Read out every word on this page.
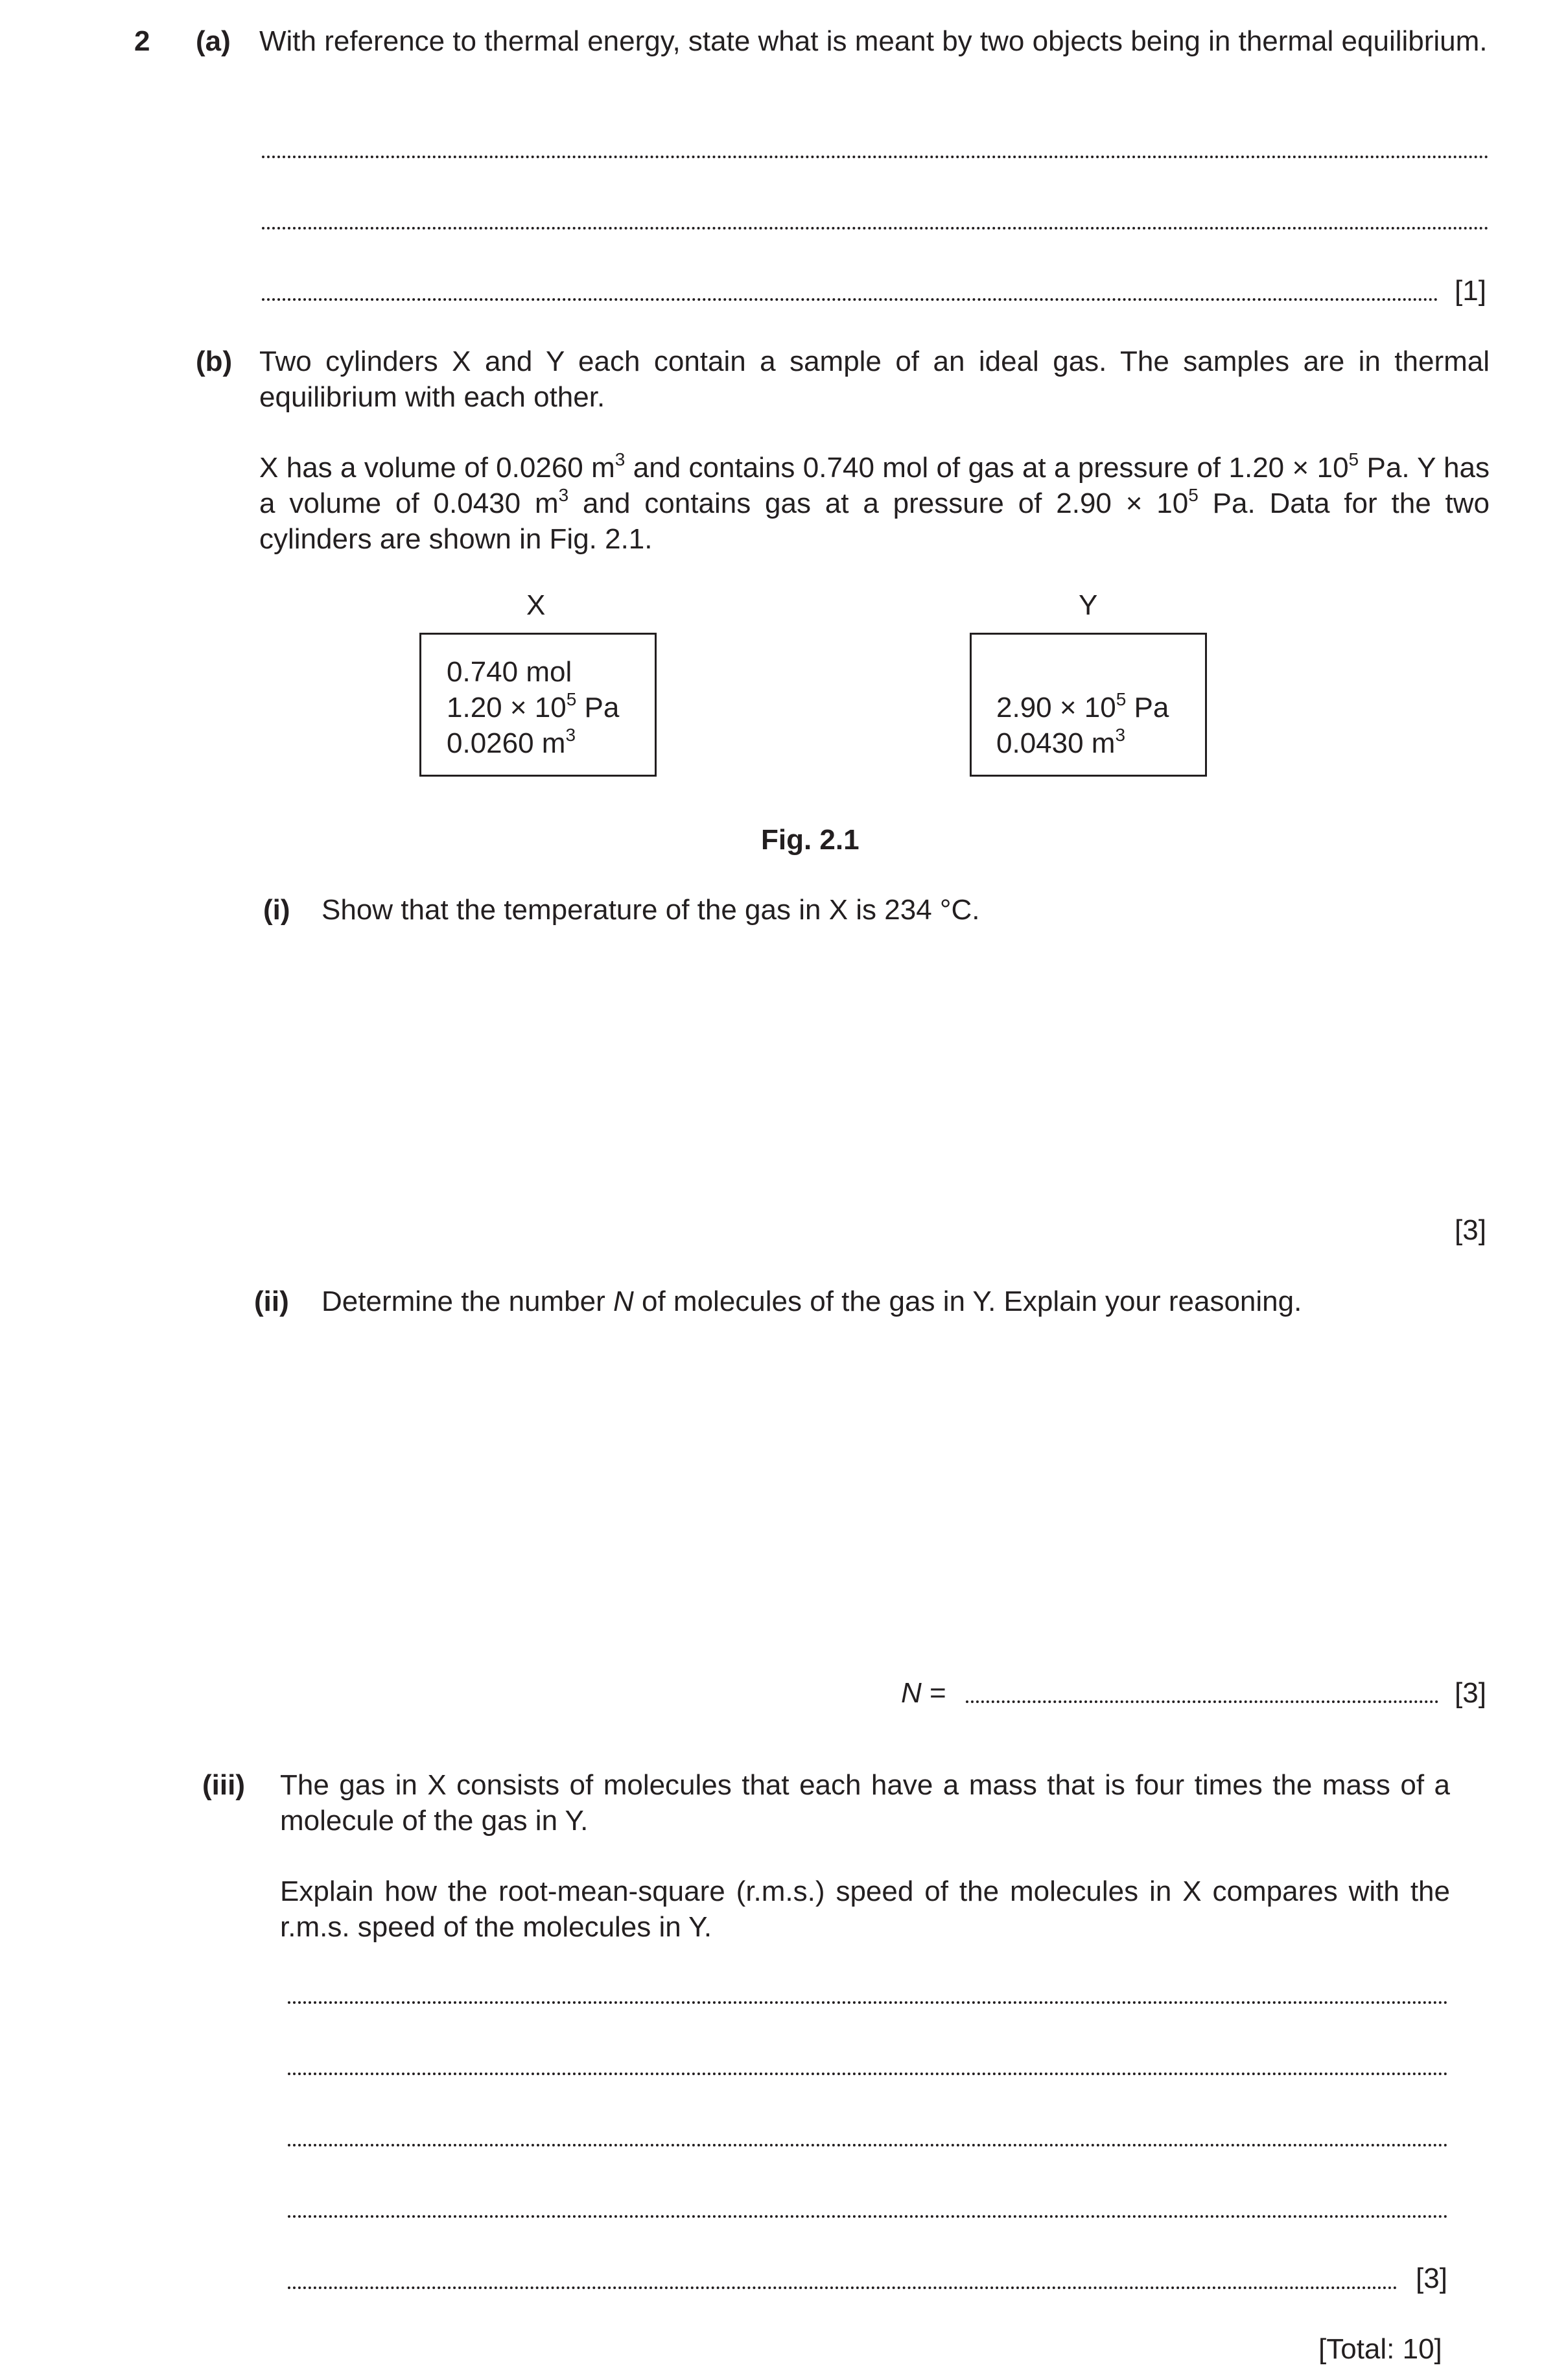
2 (a) With reference to thermal energy, state what is meant by two objects being in thermal equilibrium.
[1]
(b) Two cylinders X and Y each contain a sample of an ideal gas. The samples are in thermal equilibrium with each other.
X has a volume of 0.0260 $m^3$ and contains 0.740 mol of gas at a pressure of $1.20 \times 10^5$ Pa. Y has a volume of 0.0430 $m^3$ and contains gas at a pressure of $2.90 \times 10^5$ Pa. Data for the two cylinders are shown in Fig. 2.1.
X
0.740 mol
$1.20 \times 10^5$ Pa
0.0260 $m^3$
Y
$2.90 \times 10^5$ Pa
0.0430 $m^3$
Fig. 2.1
(i) Show that the temperature of the gas in X is 234 °C.
[3]
(ii) Determine the number N of molecules of the gas in Y. Explain your reasoning.
N =	[3]
(iii) The gas in X consists of molecules that each have a mass that is four times the mass of a molecule of the gas in Y.
Explain how the root-mean-square (r.m.s.) speed of the molecules in X compares with the r.m.s. speed of the molecules in Y.
[3]
[Total: 10]
